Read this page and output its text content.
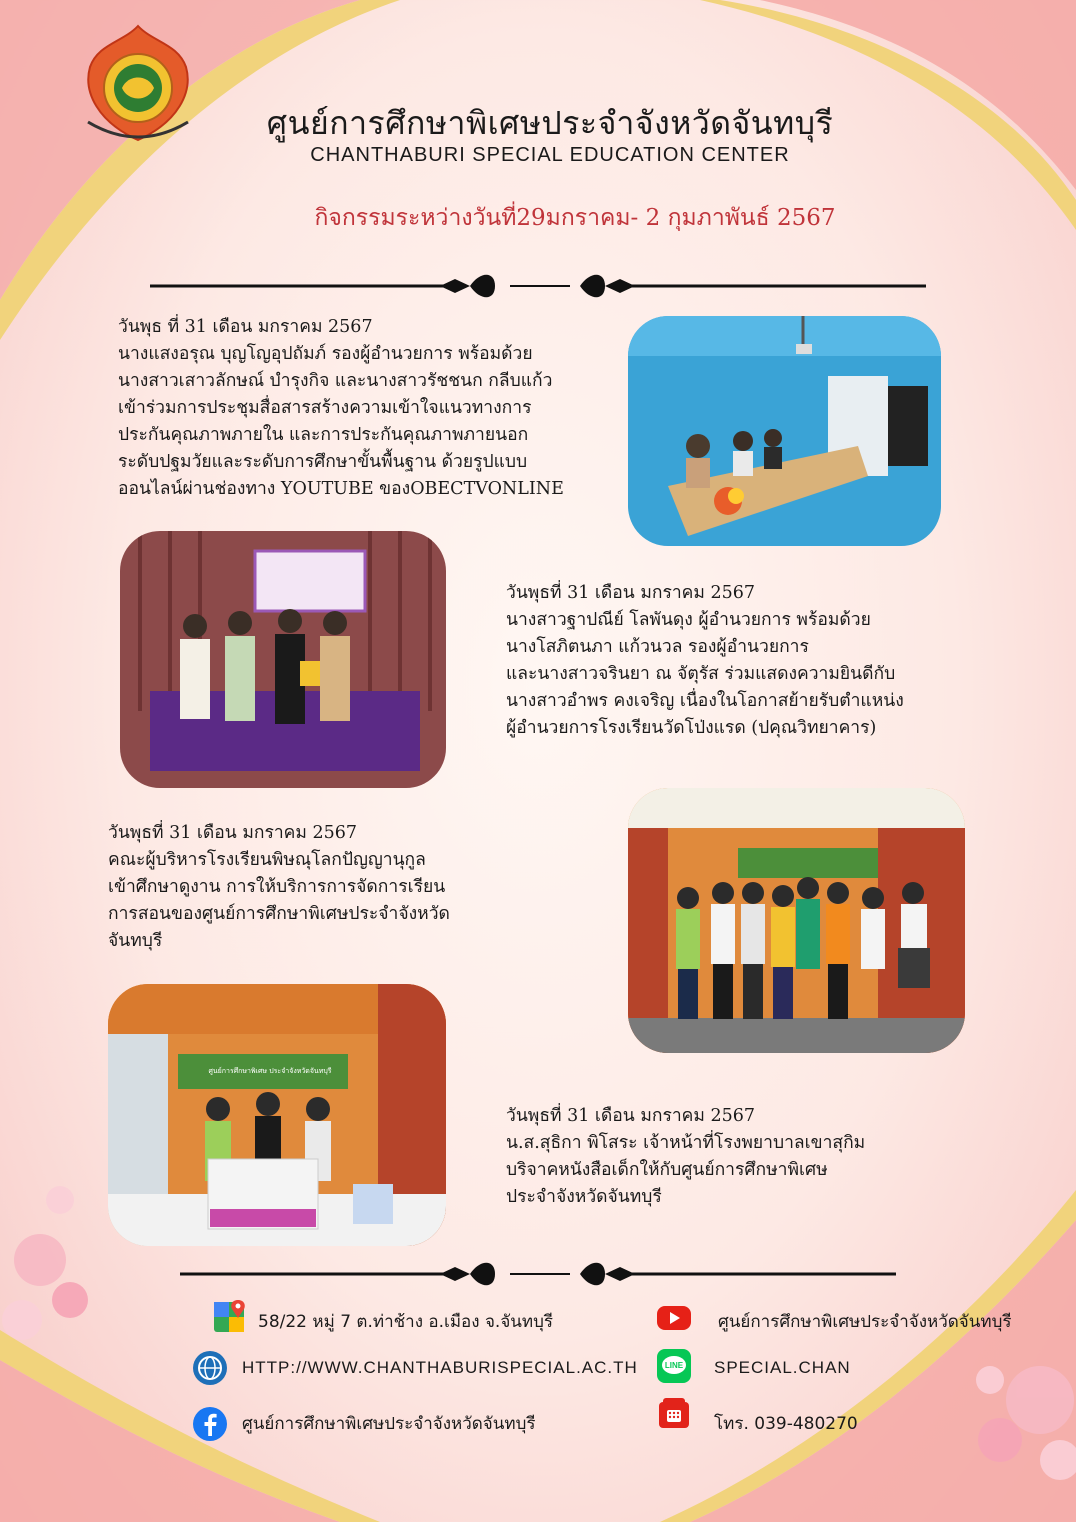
ศูนย์การศึกษาพิเศษประจำจังหวัดจันทบุรี
CHANTHABURI SPECIAL EDUCATION CENTER
กิจกรรมระหว่างวันที่29มกราคม- 2 กุมภาพันธ์ 2567

วันพุธ ที่ 31 เดือน มกราคม 2567

นางแสงอรุณ บุญโญอุปถัมภ์ รองผู้อำนวยการ พร้อมด้วย

นางสาวเสาวลักษณ์ บำรุงกิจ และนางสาวรัชชนก กลีบแก้ว

เข้าร่วมการประชุมสื่อสารสร้างความเข้าใจแนวทางการ

ประกันคุณภาพภายใน และการประกันคุณภาพภายนอก

ระดับปฐมวัยและระดับการศึกษาขั้นพื้นฐาน ด้วยรูปแบบ

ออนไลน์ผ่านช่องทาง YOUTUBE ของOBECTVONLINE

วันพุธที่ 31 เดือน มกราคม 2567

นางสาวฐาปณีย์ โลพันดุง ผู้อำนวยการ พร้อมด้วย

นางโสภิตนภา แก้วนวล รองผู้อำนวยการ

และนางสาวจรินยา ณ จัตุรัส ร่วมแสดงความยินดีกับ

นางสาวอำพร คงเจริญ เนื่องในโอกาสย้ายรับตำแหน่ง

ผู้อำนวยการโรงเรียนวัดโป่งแรด (ปคุณวิทยาคาร)

วันพุธที่ 31 เดือน มกราคม 2567

คณะผู้บริหารโรงเรียนพิษณุโลกปัญญานุกูล

เข้าศึกษาดูงาน การให้บริการการจัดการเรียน

การสอนของศูนย์การศึกษาพิเศษประจำจังหวัด

จันทบุรี

ศูนย์การศึกษาพิเศษ ประจำจังหวัดจันทบุรี

วันพุธที่ 31 เดือน มกราคม 2567

น.ส.สุธิกา พิโสระ เจ้าหน้าที่โรงพยาบาลเขาสุกิม

บริจาคหนังสือเด็กให้กับศูนย์การศึกษาพิเศษ

ประจำจังหวัดจันทบุรี

58/22 หมู่ 7 ต.ท่าช้าง อ.เมือง จ.จันทบุรี	ศูนย์การศึกษาพิเศษประจำจังหวัดจันทบุรี
HTTP://WWW.CHANTHABURISPECIAL.AC.TH	LINE	SPECIAL.CHAN
ศูนย์การศึกษาพิเศษประจำจังหวัดจันทบุรี	โทร. 039-480270
